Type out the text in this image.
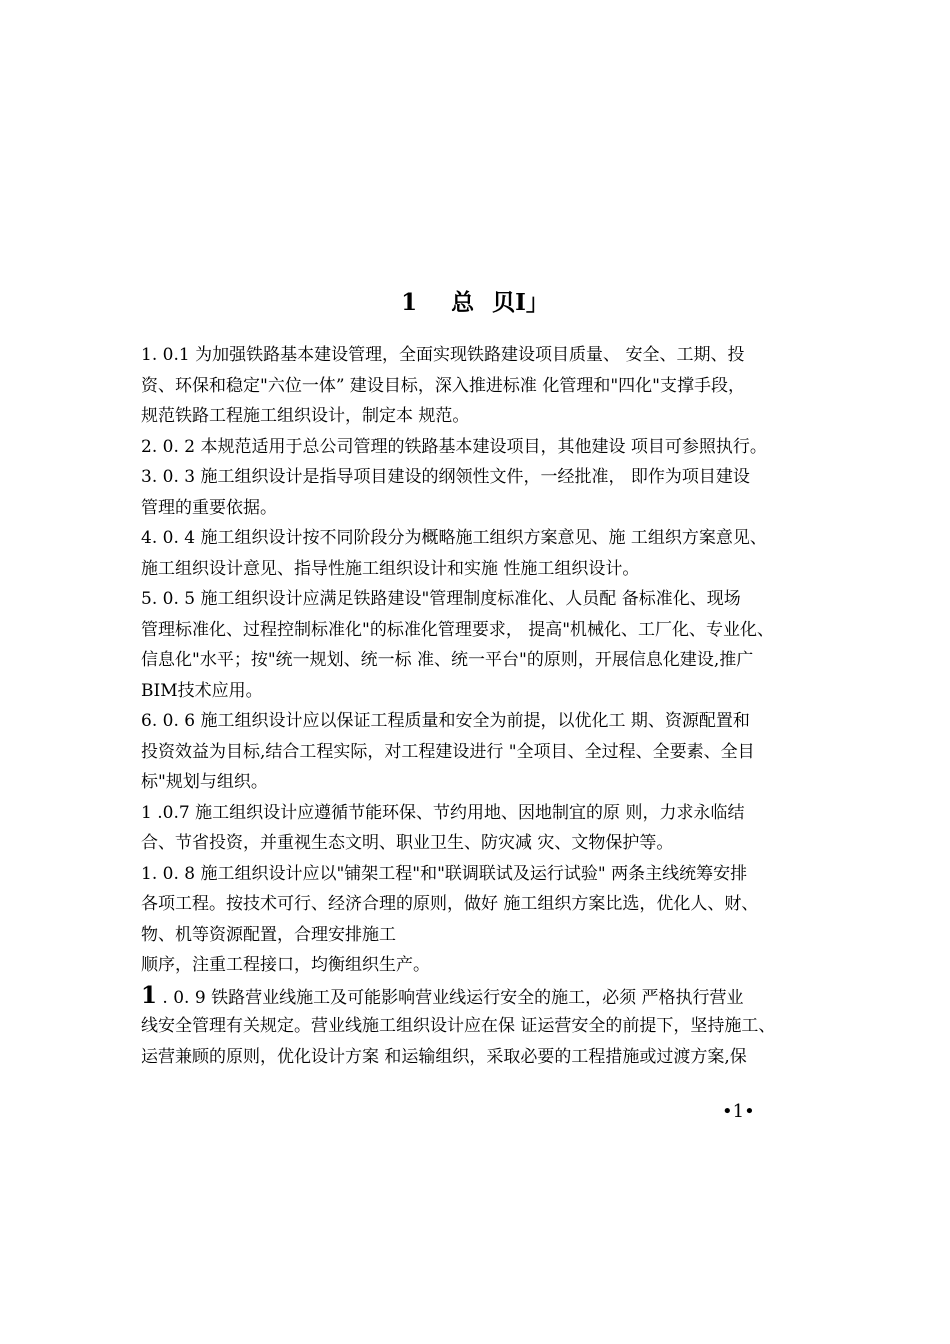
1 总 贝I」
1. 0.1 为加强铁路基本建设管理，全面实现铁路建设项目质量、 安全、工期、投
资、环保和稳定"六位一体” 建设目标，深入推进标准 化管理和"四化"支撑手段，
规范铁路工程施工组织设计，制定本 规范。
2. 0. 2 本规范适用于总公司管理的铁路基本建设项目，其他建设 项目可参照执行。
3. 0. 3 施工组织设计是指导项目建设的纲领性文件，一经批准， 即作为项目建设
管理的重要依据。
4. 0. 4 施工组织设计按不同阶段分为概略施工组织方案意见、施 工组织方案意见、
施工组织设计意见、指导性施工组织设计和实施 性施工组织设计。
5. 0. 5 施工组织设计应满足铁路建设"管理制度标准化、人员配 备标准化、现场
管理标准化、过程控制标准化"的标准化管理要求， 提高"机械化、工厂化、专业化、
信息化"水平；按"统一规划、统一标 准、统一平台"的原则，开展信息化建设,推广
BIM技术应用。
6. 0. 6 施工组织设计应以保证工程质量和安全为前提，以优化工 期、资源配置和
投资效益为目标,结合工程实际，对工程建设进行 "全项目、全过程、全要素、全目
标"规划与组织。
1 .0.7 施工组织设计应遵循节能环保、节约用地、因地制宜的原 则，力求永临结
合、节省投资，并重视生态文明、职业卫生、防灾减 灾、文物保护等。
1. 0. 8 施工组织设计应以"铺架工程"和"联调联试及运行试验" 两条主线统筹安排
各项工程。按技术可行、经济合理的原则，做好 施工组织方案比选，优化人、财、
物、机等资源配置，合理安排施工
顺序，注重工程接口，均衡组织生产。
1 . 0. 9 铁路营业线施工及可能影响营业线运行安全的施工，必须 严格执行营业
线安全管理有关规定。营业线施工组织设计应在保 证运营安全的前提下，坚持施工、
运营兼顾的原则，优化设计方案 和运输组织，采取必要的工程措施或过渡方案,保
•1•
